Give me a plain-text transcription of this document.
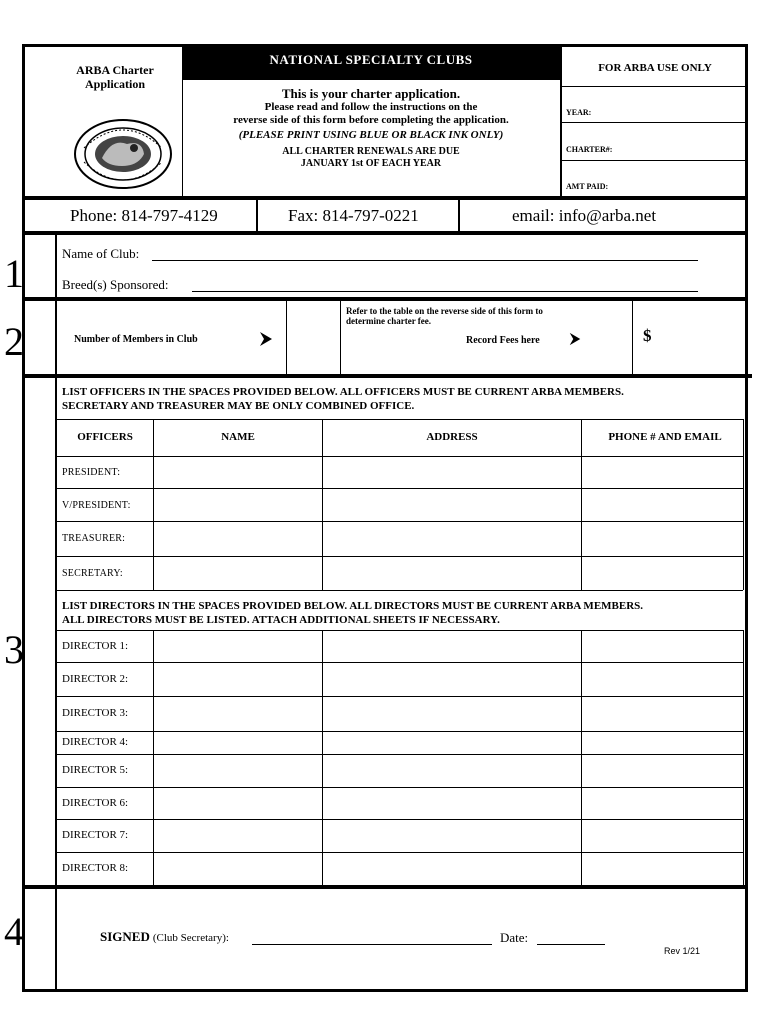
ARBA Charter
Application
NATIONAL SPECIALTY CLUBS
This is your charter application.
Please read and follow the instructions on the
reverse side of this form before completing the application.
(PLEASE PRINT USING BLUE OR BLACK INK ONLY)
ALL CHARTER RENEWALS ARE DUE
JANUARY 1st OF EACH YEAR
FOR ARBA USE ONLY
YEAR:
CHARTER#:
AMT PAID:
Phone: 814-797-4129	Fax: 814-797-0221	email: info@arba.net
1	Name of Club:
Breed(s) Sponsored:
2	Number of Members in Club
Refer to the table on the reverse side of this form to
determine charter fee.
Record Fees here	$
3
LIST OFFICERS IN THE SPACES PROVIDED BELOW. ALL OFFICERS MUST BE CURRENT ARBA MEMBERS.
SECRETARY AND TREASURER MAY BE ONLY COMBINED OFFICE.
OFFICERS	NAME	ADDRESS	PHONE # AND EMAIL
PRESIDENT:
V/PRESIDENT:
TREASURER:
SECRETARY:
LIST DIRECTORS IN THE SPACES PROVIDED BELOW. ALL DIRECTORS MUST BE CURRENT ARBA MEMBERS.
ALL DIRECTORS MUST BE LISTED. ATTACH ADDITIONAL SHEETS IF NECESSARY.
DIRECTOR 1:
DIRECTOR 2:
DIRECTOR 3:
DIRECTOR 4:
DIRECTOR 5:
DIRECTOR 6:
DIRECTOR 7:
DIRECTOR 8:
4	SIGNED (Club Secretary):	Date:
Rev 1/21
